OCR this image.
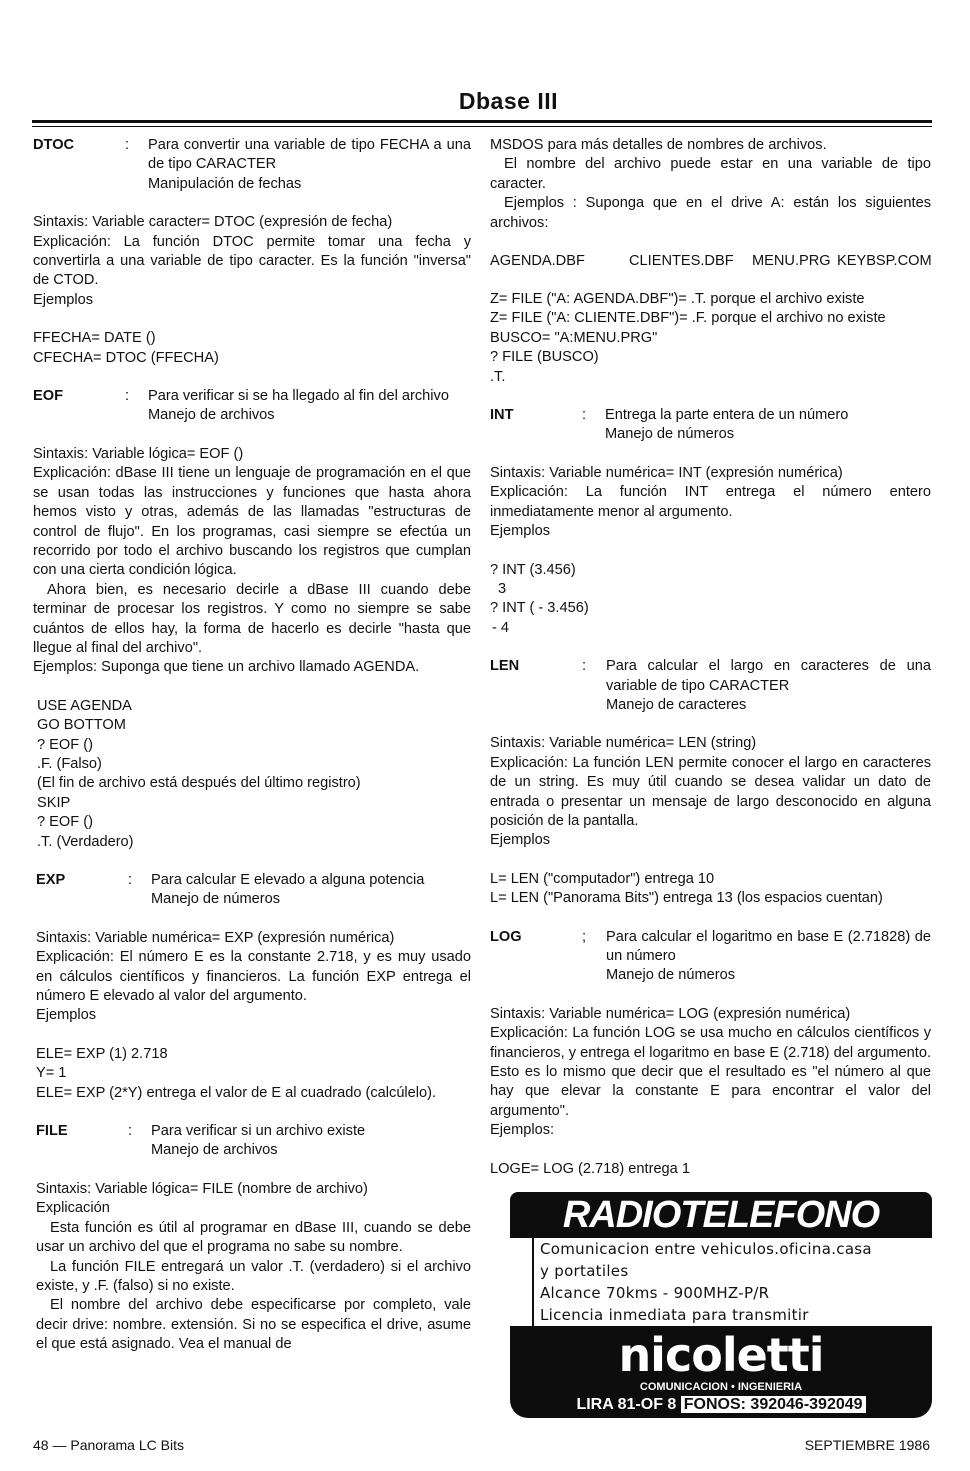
Dbase III
DTOC	: Para convertir una variable de tipo FECHA a una de tipo CARACTER

Manipulación de fechas

Sintaxis: Variable caracter= DTOC (expresión de fecha)

Explicación: La función DTOC permite tomar una fecha y convertirla a una variable de tipo caracter. Es la función "inversa" de CTOD.

Ejemplos

FFECHA= DATE ()

CFECHA= DTOC (FFECHA)

EOF	: Para verificar si se ha llegado al fin del archivo

Manejo de archivos

Sintaxis: Variable lógica= EOF ()

Explicación: dBase III tiene un lenguaje de programación en el que se usan todas las instrucciones y funciones que hasta ahora hemos visto y otras, además de las llamadas "estructuras de control de flujo". En los programas, casi siempre se efectúa un recorrido por todo el archivo buscando los registros que cumplan con una cierta condición lógica.

Ahora bien, es necesario decirle a dBase III cuando debe terminar de procesar los registros. Y como no siempre se sabe cuántos de ellos hay, la forma de hacerlo es decirle "hasta que llegue al final del archivo".

Ejemplos: Suponga que tiene un archivo llamado AGENDA.

USE AGENDA

GO BOTTOM

? EOF ()

.F. (Falso)

(El fin de archivo está después del último registro)

SKIP

? EOF ()

.T. (Verdadero)

EXP	: Para calcular E elevado a alguna potencia

Manejo de números

Sintaxis: Variable numérica= EXP (expresión numérica)

Explicación: El número E es la constante 2.718, y es muy usado en cálculos científicos y financieros. La función EXP entrega el número E elevado al valor del argumento.

Ejemplos

ELE= EXP (1) 2.718

Y= 1

ELE= EXP (2*Y) entrega el valor de E al cuadrado (calcúlelo).

FILE	: Para verificar si un archivo existe

Manejo de archivos

Sintaxis: Variable lógica= FILE (nombre de archivo)

Explicación

Esta función es útil al programar en dBase III, cuando se debe usar un archivo del que el programa no sabe su nombre.

La función FILE entregará un valor .T. (verdadero) si el archivo existe, y .F. (falso) si no existe.

El nombre del archivo debe especificarse por completo, vale decir drive: nombre. extensión. Si no se especifica el drive, asume el que está asignado. Vea el manual de

MSDOS para más detalles de nombres de archivos.

El nombre del archivo puede estar en una variable de tipo caracter.

Ejemplos : Suponga que en el drive A: están los siguientes archivos:

AGENDA.DBF	CLIENTES.DBF MENU.PRG KEYBSP.COM

Z= FILE ("A: AGENDA.DBF")= .T. porque el archivo existe

Z= FILE ("A: CLIENTE.DBF")= .F. porque el archivo no existe

BUSCO= "A:MENU.PRG"

? FILE (BUSCO)

.T.

INT	: Entrega la parte entera de un número

Manejo de números

Sintaxis: Variable numérica= INT (expresión numérica)

Explicación: La función INT entrega el número entero inmediatamente menor al argumento.

Ejemplos

? INT (3.456)

3

? INT ( - 3.456)

- 4

LEN	: Para calcular el largo en caracteres de una variable de tipo CARACTER

Manejo de caracteres

Sintaxis: Variable numérica= LEN (string)

Explicación: La función LEN permite conocer el largo en caracteres de un string. Es muy útil cuando se desea validar un dato de entrada o presentar un mensaje de largo desconocido en alguna posición de la pantalla.

Ejemplos

L= LEN ("computador") entrega 10

L= LEN ("Panorama Bits") entrega 13 (los espacios cuentan)

LOG	; Para calcular el logaritmo en base E (2.71828) de un número

Manejo de números

Sintaxis: Variable numérica= LOG (expresión numérica)

Explicación: La función LOG se usa mucho en cálculos científicos y financieros, y entrega el logaritmo en base E (2.718) del argumento. Esto es lo mismo que decir que el resultado es "el número al que hay que elevar la constante E para encontrar el valor del argumento".

Ejemplos:

LOGE= LOG (2.718) entrega 1

RADIOTELEFONO

Comunicacion entre vehiculos.oficina.casa

y portatiles

Alcance 70kms - 900MHZ-P/R

Licencia inmediata para transmitir

nicoletti
COMUNICACION • INGENIERIA
LIRA 81-OF 8 FONOS: 392046-392049
48 — Panorama LC Bits	SEPTIEMBRE 1986
